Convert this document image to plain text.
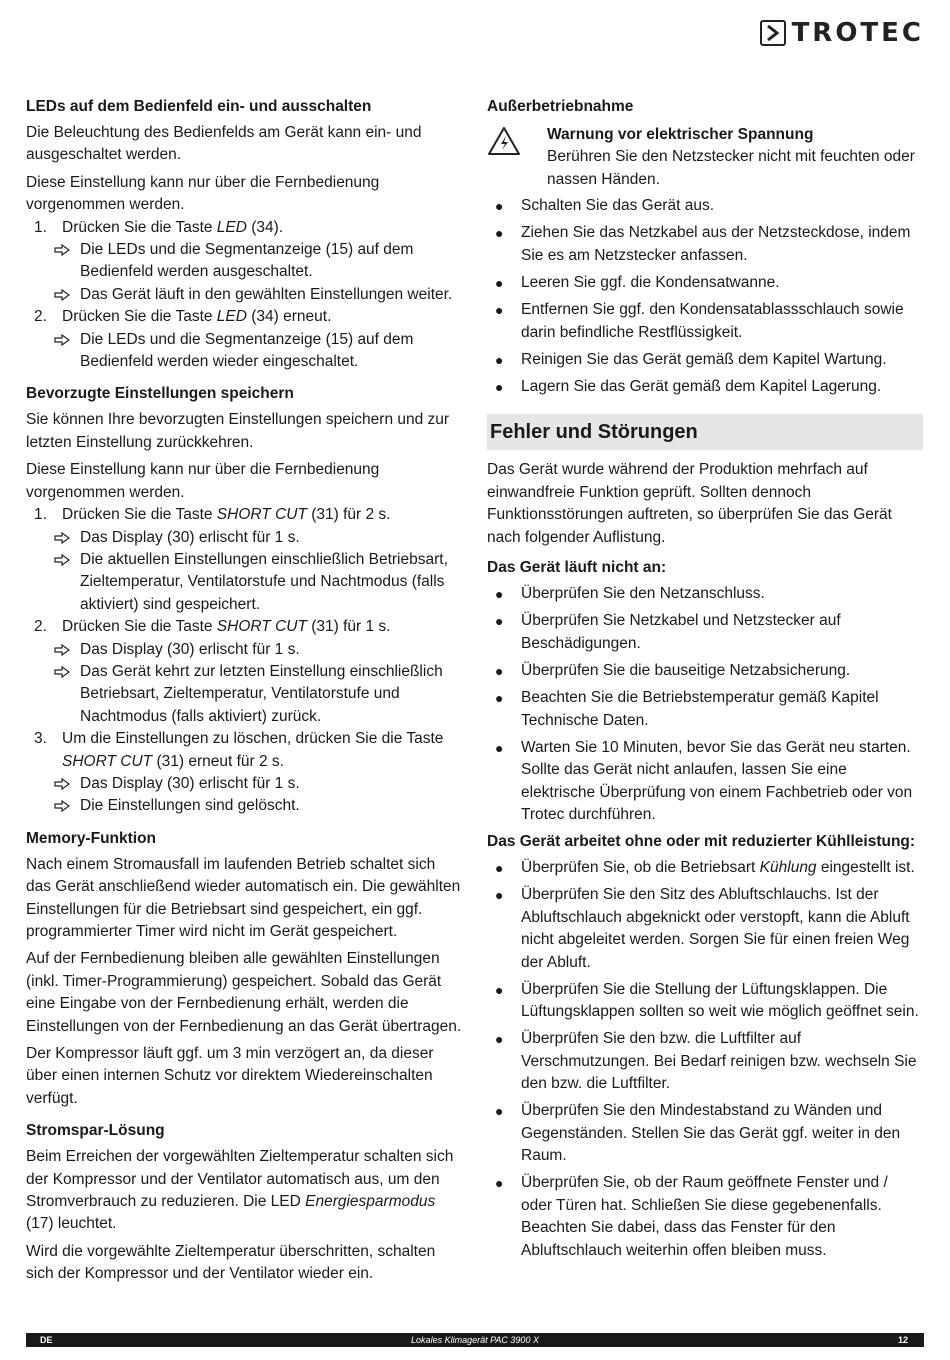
TROTEC
LEDs auf dem Bedienfeld ein- und ausschalten
Die Beleuchtung des Bedienfelds am Gerät kann ein- und ausgeschaltet werden.
Diese Einstellung kann nur über die Fernbedienung vorgenommen werden.
1. Drücken Sie die Taste LED (34).
Die LEDs und die Segmentanzeige (15) auf dem Bedienfeld werden ausgeschaltet.
Das Gerät läuft in den gewählten Einstellungen weiter.
2. Drücken Sie die Taste LED (34) erneut.
Die LEDs und die Segmentanzeige (15) auf dem Bedienfeld werden wieder eingeschaltet.
Bevorzugte Einstellungen speichern
Sie können Ihre bevorzugten Einstellungen speichern und zur letzten Einstellung zurückkehren.
Diese Einstellung kann nur über die Fernbedienung vorgenommen werden.
1. Drücken Sie die Taste SHORT CUT (31) für 2 s.
Das Display (30) erlischt für 1 s.
Die aktuellen Einstellungen einschließlich Betriebsart, Zieltemperatur, Ventilatorstufe und Nachtmodus (falls aktiviert) sind gespeichert.
2. Drücken Sie die Taste SHORT CUT (31) für 1 s.
Das Display (30) erlischt für 1 s.
Das Gerät kehrt zur letzten Einstellung einschließlich Betriebsart, Zieltemperatur, Ventilatorstufe und Nachtmodus (falls aktiviert) zurück.
3. Um die Einstellungen zu löschen, drücken Sie die Taste SHORT CUT (31) erneut für 2 s.
Das Display (30) erlischt für 1 s.
Die Einstellungen sind gelöscht.
Memory-Funktion
Nach einem Stromausfall im laufenden Betrieb schaltet sich das Gerät anschließend wieder automatisch ein. Die gewählten Einstellungen für die Betriebsart sind gespeichert, ein ggf. programmierter Timer wird nicht im Gerät gespeichert.
Auf der Fernbedienung bleiben alle gewählten Einstellungen (inkl. Timer-Programmierung) gespeichert. Sobald das Gerät eine Eingabe von der Fernbedienung erhält, werden die Einstellungen von der Fernbedienung an das Gerät übertragen.
Der Kompressor läuft ggf. um 3 min verzögert an, da dieser über einen internen Schutz vor direktem Wiedereinschalten verfügt.
Stromspar-Lösung
Beim Erreichen der vorgewählten Zieltemperatur schalten sich der Kompressor und der Ventilator automatisch aus, um den Stromverbrauch zu reduzieren. Die LED Energiesparmodus (17) leuchtet.
Wird die vorgewählte Zieltemperatur überschritten, schalten sich der Kompressor und der Ventilator wieder ein.
Außerbetriebnahme
Warnung vor elektrischer Spannung
Berühren Sie den Netzstecker nicht mit feuchten oder nassen Händen.
●	Schalten Sie das Gerät aus.
●	Ziehen Sie das Netzkabel aus der Netzsteckdose, indem Sie es am Netzstecker anfassen.
●	Leeren Sie ggf. die Kondensatwanne.
●	Entfernen Sie ggf. den Kondensatablassschlauch sowie darin befindliche Restflüssigkeit.
●	Reinigen Sie das Gerät gemäß dem Kapitel Wartung.
●	Lagern Sie das Gerät gemäß dem Kapitel Lagerung.
Fehler und Störungen
Das Gerät wurde während der Produktion mehrfach auf einwandfreie Funktion geprüft. Sollten dennoch Funktionsstörungen auftreten, so überprüfen Sie das Gerät nach folgender Auflistung.
Das Gerät läuft nicht an:
●	Überprüfen Sie den Netzanschluss.
●	Überprüfen Sie Netzkabel und Netzstecker auf Beschädigungen.
●	Überprüfen Sie die bauseitige Netzabsicherung.
●	Beachten Sie die Betriebstemperatur gemäß Kapitel Technische Daten.
●	Warten Sie 10 Minuten, bevor Sie das Gerät neu starten. Sollte das Gerät nicht anlaufen, lassen Sie eine elektrische Überprüfung von einem Fachbetrieb oder von Trotec durchführen.
Das Gerät arbeitet ohne oder mit reduzierter Kühlleistung:
●	Überprüfen Sie, ob die Betriebsart Kühlung eingestellt ist.
●	Überprüfen Sie den Sitz des Abluftschlauchs. Ist der Abluftschlauch abgeknickt oder verstopft, kann die Abluft nicht abgeleitet werden. Sorgen Sie für einen freien Weg der Abluft.
●	Überprüfen Sie die Stellung der Lüftungsklappen. Die Lüftungsklappen sollten so weit wie möglich geöffnet sein.
●	Überprüfen Sie den bzw. die Luftfilter auf Verschmutzungen. Bei Bedarf reinigen bzw. wechseln Sie den bzw. die Luftfilter.
●	Überprüfen Sie den Mindestabstand zu Wänden und Gegenständen. Stellen Sie das Gerät ggf. weiter in den Raum.
●	Überprüfen Sie, ob der Raum geöffnete Fenster und / oder Türen hat. Schließen Sie diese gegebenenfalls. Beachten Sie dabei, dass das Fenster für den Abluftschlauch weiterhin offen bleiben muss.
DE	Lokales Klimagerät PAC 3900 X	12
